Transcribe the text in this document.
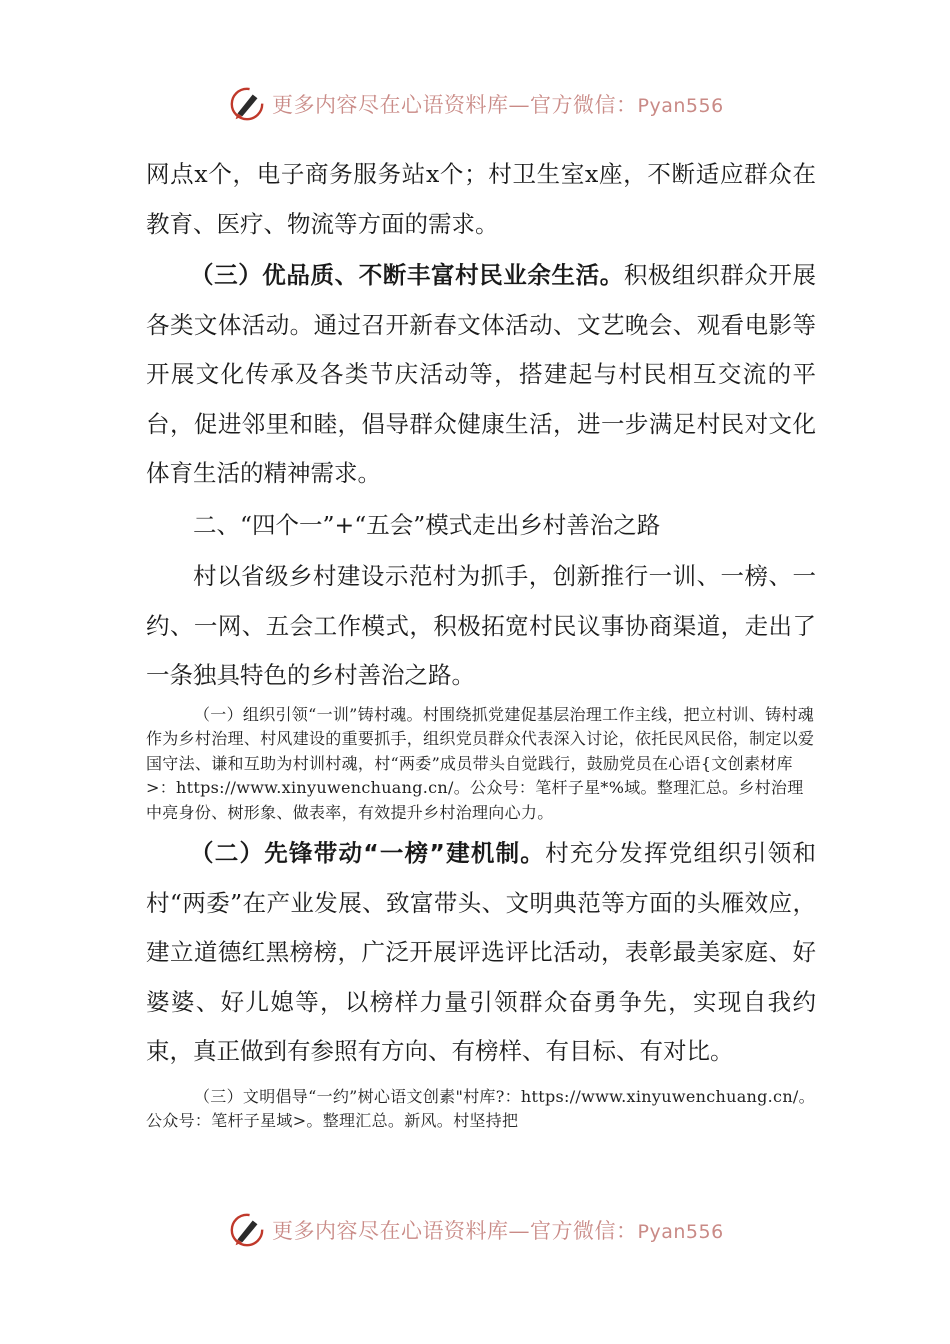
更多内容尽在心语资料库—官方微信：Pyan556

网点x个，电子商务服务站x个；村卫生室x座，不断适应群众在教育、医疗、物流等方面的需求。

（三）优品质、不断丰富村民业余生活。积极组织群众开展各类文体活动。通过召开新春文体活动、文艺晚会、观看电影等开展文化传承及各类节庆活动等，搭建起与村民相互交流的平台，促进邻里和睦，倡导群众健康生活，进一步满足村民对文化体育生活的精神需求。

二、“四个一”+“五会”模式走出乡村善治之路

村以省级乡村建设示范村为抓手，创新推行一训、一榜、一约、一网、五会工作模式，积极拓宽村民议事协商渠道，走出了一条独具特色的乡村善治之路。

（一）组织引领“一训”铸村魂。村围绕抓党建促基层治理工作主线，把立村训、铸村魂作为乡村治理、村风建设的重要抓手，组织党员群众代表深入讨论，依托民风民俗，制定以爱国守法、谦和互助为村训村魂，村“两委”成员带头自觉践行，鼓励党员在心语{文创素材库>：https://www.xinyuwenchuang.cn/。公众号：笔杆子星*%域。整理汇总。乡村治理中亮身份、树形象、做表率，有效提升乡村治理向心力。

（二）先锋带动“一榜”建机制。村充分发挥党组织引领和村“两委”在产业发展、致富带头、文明典范等方面的头雁效应，建立道德红黑榜榜，广泛开展评选评比活动，表彰最美家庭、好婆婆、好儿媳等，以榜样力量引领群众奋勇争先，实现自我约束，真正做到有参照有方向、有榜样、有目标、有对比。

（三）文明倡导“一约”树心语文创素"村库?：https://www.xinyuwenchuang.cn/。公众号：笔杆子星域>。整理汇总。新风。村坚持把

更多内容尽在心语资料库—官方微信：Pyan556
